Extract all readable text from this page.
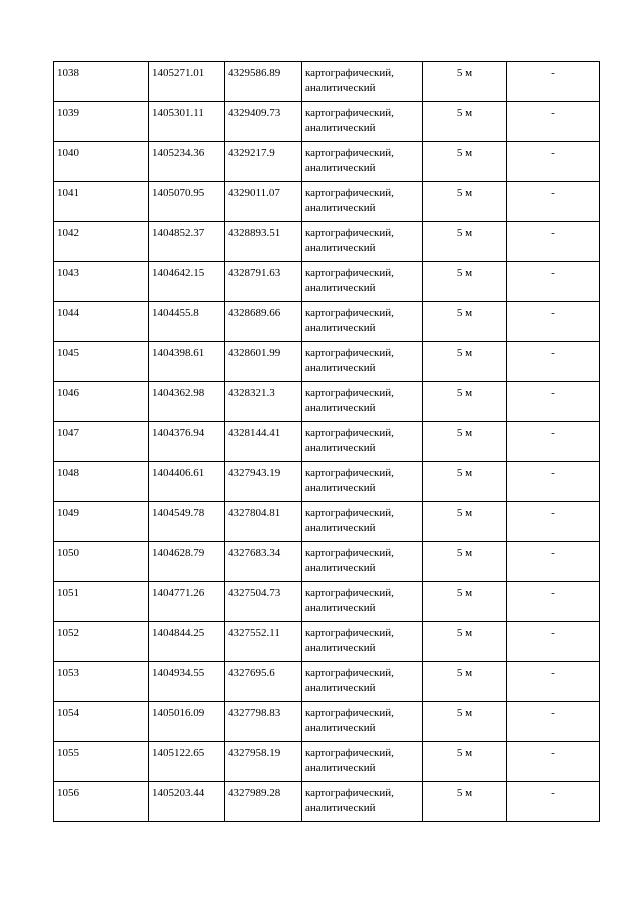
1038	1405271.01	4329586.89	картографический, аналитический	5 м	-
1039	1405301.11	4329409.73	картографический, аналитический	5 м	-
1040	1405234.36	4329217.9	картографический, аналитический	5 м	-
1041	1405070.95	4329011.07	картографический, аналитический	5 м	-
1042	1404852.37	4328893.51	картографический, аналитический	5 м	-
1043	1404642.15	4328791.63	картографический, аналитический	5 м	-
1044	1404455.8	4328689.66	картографический, аналитический	5 м	-
1045	1404398.61	4328601.99	картографический, аналитический	5 м	-
1046	1404362.98	4328321.3	картографический, аналитический	5 м	-
1047	1404376.94	4328144.41	картографический, аналитический	5 м	-
1048	1404406.61	4327943.19	картографический, аналитический	5 м	-
1049	1404549.78	4327804.81	картографический, аналитический	5 м	-
1050	1404628.79	4327683.34	картографический, аналитический	5 м	-
1051	1404771.26	4327504.73	картографический, аналитический	5 м	-
1052	1404844.25	4327552.11	картографический, аналитический	5 м	-
1053	1404934.55	4327695.6	картографический, аналитический	5 м	-
1054	1405016.09	4327798.83	картографический, аналитический	5 м	-
1055	1405122.65	4327958.19	картографический, аналитический	5 м	-
1056	1405203.44	4327989.28	картографический, аналитический	5 м	-
